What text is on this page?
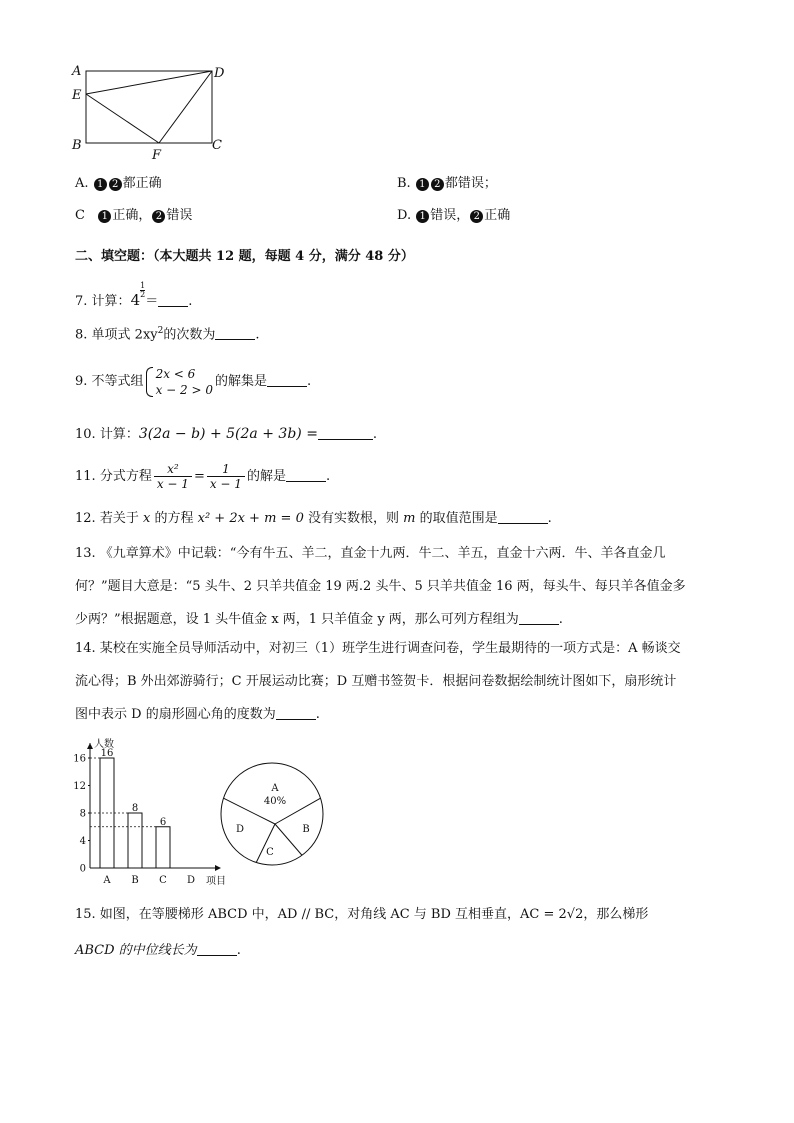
A
E
B
D
C
F
A. 1 2 都正确	B. 1 2 都错误；
C 1 正确， 2 错误	D. 1 错误， 2 正确
二、填空题：（本大题共 12 题，每题 4 分，满分 48 分）
7. 计算：4
$\frac{1}{2}$
＝ .
8. 单项式 $2xy^2$的次数为	.
9. 不等式组
2x < 6
x − 2 > 0
的解集是	.
10. 计算：3(2a − b) + 5(2a + 3b) =	.
11. 分式方程 $\frac{\text{x²}}{x - 1} = \frac{1}{x - 1}$ 的解是	.
12. 若关于 x 的方程 x² + 2x + m = 0 没有实数根，则 m 的取值范围是	.
13. 《九章算术》中记载：“今有牛五、羊二，直金十九两．牛二、羊五，直金十六两．牛、羊各直金几
何？”题目大意是：“5 头牛、2 只羊共值金 19 两.2 头牛、5 只羊共值金 16 两，每头牛、每只羊各值金多
少两？”根据题意，设 1 头牛值金 x 两，1 只羊值金 y 两，那么可列方程组为	.
14. 某校在实施全员导师活动中，对初三（1）班学生进行调查问卷，学生最期待的一项方式是：A 畅谈交
流心得；B 外出郊游骑行；C 开展运动比赛；D 互赠书签贺卡．根据问卷数据绘制统计图如下，扇形统计
图中表示 D 的扇形圆心角的度数为	.
人数
项目
0
4
8
12
16
A
16
B
8
C
6
D
A
B
C
D
40%
15. 如图，在等腰梯形 ABCD 中，AD // BC，对角线 AC 与 BD 互相垂直，AC = 2√2，那么梯形
ABCD 的中位线长为	.
